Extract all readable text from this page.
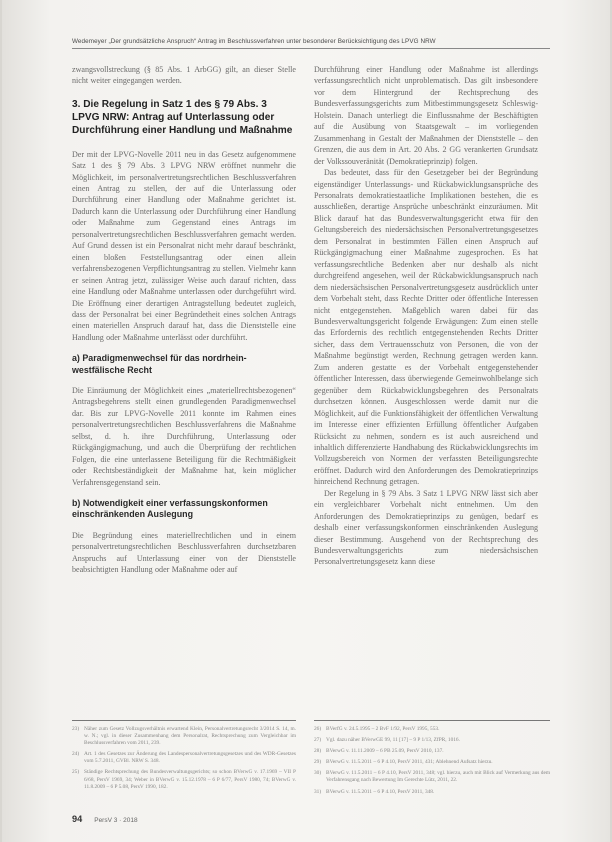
Wedemeyer „Der grundsätzliche Anspruch“ Antrag im Beschlussverfahren unter besonderer Berücksichtigung des LPVG NRW

zwangsvollstreckung (§ 85 Abs. 1 ArbGG) gilt, an dieser Stelle nicht weiter eingegangen werden.

3. Die Regelung in Satz 1 des § 79 Abs. 3 LPVG NRW: Antrag auf Unterlassung oder Durchführung einer Handlung und Maßnahme

Der mit der LPVG-Novelle 2011 neu in das Gesetz aufgenommene Satz 1 des § 79 Abs. 3 LPVG NRW eröffnet nunmehr die Möglichkeit, im personalvertretungsrechtlichen Beschlussverfahren einen Antrag zu stellen, der auf die Unterlassung oder Durchführung einer Handlung oder Maßnahme gerichtet ist. Dadurch kann die Unterlassung oder Durchführung einer Handlung oder Maßnahme zum Gegenstand eines Antrags im personalvertretungsrechtlichen Beschlussverfahren gemacht werden. Auf Grund dessen ist ein Personalrat nicht mehr darauf beschränkt, einen bloßen Feststellungsantrag oder einen allein verfahrensbezogenen Verpflichtungsantrag zu stellen. Vielmehr kann er seinen Antrag jetzt, zulässiger Weise auch darauf richten, dass eine Handlung oder Maßnahme unterlassen oder durchgeführt wird. Die Eröffnung einer derartigen Antragstellung bedeutet zugleich, dass der Personalrat bei einer Begründetheit eines solchen Antrags einen materiellen Anspruch darauf hat, dass die Dienststelle eine Handlung oder Maßnahme unterlässt oder durchführt.

a) Paradigmenwechsel für das nordrhein-westfälische Recht

Die Einräumung der Möglichkeit eines „materiellrechtsbezogenen“ Antragsbegehrens stellt einen grundlegenden Paradigmenwechsel dar. Bis zur LPVG-Novelle 2011 konnte im Rahmen eines personalvertretungsrechtlichen Beschlussverfahrens die Maßnahme selbst, d. h. ihre Durchführung, Unterlassung oder Rückgängigmachung, und auch die Überprüfung der rechtlichen Folgen, die eine unterlassene Beteiligung für die Rechtmäßigkeit oder Rechtsbeständigkeit der Maßnahme hat, kein möglicher Verfahrensgegenstand sein.

b) Notwendigkeit einer verfassungskonformen einschränkenden Auslegung

Die Begründung eines materiellrechtlichen und in einem personalvertretungsrechtlichen Beschlussverfahren durchsetzbaren Anspruchs auf Unterlassung einer von der Dienststelle beabsichtigten Handlung oder Maßnahme oder auf

Durchführung einer Handlung oder Maßnahme ist allerdings verfassungsrechtlich nicht unproblematisch. Das gilt insbesondere vor dem Hintergrund der Rechtsprechung des Bundesverfassungsgerichts zum Mitbestimmungsgesetz Schleswig-Holstein. Danach unterliegt die Einflussnahme der Beschäftigten auf die Ausübung von Staatsgewalt – im vorliegenden Zusammenhang in Gestalt der Maßnahmen der Dienststelle – den Grenzen, die aus dem in Art. 20 Abs. 2 GG verankerten Grundsatz der Volkssouveränität (Demokratieprinzip) folgen.

Das bedeutet, dass für den Gesetzgeber bei der Begründung eigenständiger Unterlassungs- und Rückabwicklungsansprüche des Personalrats demokratiestaatliche Implikationen bestehen, die es ausschließen, derartige Ansprüche unbeschränkt einzuräumen. Mit Blick darauf hat das Bundesverwaltungsgericht etwa für den Geltungsbereich des niedersächsischen Personalvertretungsgesetzes dem Personalrat in bestimmten Fällen einen Anspruch auf Rückgängigmachung einer Maßnahme zugesprochen. Es hat verfassungsrechtliche Bedenken aber nur deshalb als nicht durchgreifend angesehen, weil der Rückabwicklungsanspruch nach dem niedersächsischen Personalvertretungsgesetz ausdrücklich unter dem Vorbehalt steht, dass Rechte Dritter oder öffentliche Interessen nicht entgegenstehen. Maßgeblich waren dabei für das Bundesverwaltungsgericht folgende Erwägungen: Zum einen stelle das Erfordernis des rechtlich entgegenstehenden Rechts Dritter sicher, dass dem Vertrauensschutz von Personen, die von der Maßnahme begünstigt werden, Rechnung getragen werden kann. Zum anderen gestatte es der Vorbehalt entgegenstehender öffentlicher Interessen, dass überwiegende Gemeinwohlbelange sich gegenüber dem Rückabwicklungsbegehren des Personalrats durchsetzen können. Ausgeschlossen werde damit nur die Möglichkeit, auf die Funktionsfähigkeit der öffentlichen Verwaltung im Interesse einer effizienten Erfüllung öffentlicher Aufgaben Rücksicht zu nehmen, sondern es ist auch ausreichend und inhaltlich differenzierte Handhabung des Rückabwicklungsrechts im Vollzugsbereich von Normen der verfassten Beteiligungsrechte eröffnet. Dadurch wird den Anforderungen des Demokratieprinzips hinreichend Rechnung getragen.

Der Regelung in § 79 Abs. 3 Satz 1 LPVG NRW lässt sich aber ein vergleichbarer Vorbehalt nicht entnehmen. Um den Anforderungen des Demokratieprinzips zu genügen, bedarf es deshalb einer verfassungskonformen einschränkenden Auslegung dieser Bestimmung. Ausgehend von der Rechtsprechung des Bundesverwaltungsgerichts zum niedersächsischen Personalvertretungsgesetz kann diese

23) Näher zum Gesetz Vollzugsverhältnis erwartend Klein, Personalvertretungsrecht 3/2014 S. 14, m. w. N.; vgl. in dieser Zusammenhang dem Personalrat, Rechtsprechung zum Vergleichbar im Beschlussverfahren vom 2011, 239.
24) Art. 1 des Gesetzes zur Änderung des Landespersonalvertretungsgesetzes und des WDR-Gesetzes vom 5.7.2011, GVBl. NRW S. 348.
25) Ständige Rechtsprechung des Bundesverwaltungsgerichts; so schon BVerwG v. 17.1969 – VII P 6/68, PersV 1969, 34; Weber in BVerwG v. 15.12.1978 – 6 P 6/77, PersV 1980, 74; BVerwG v. 11.8.2009 – 6 P 5.08, PersV 1990, 182.
26) BVerfG v. 24.5.1995 – 2 BvF 1/92, PersV 1995, 553.
27) Vgl. dazu näher BVerwGE 99, 11 [17] – 9 P 1/13, ZfPR, 1016.
28) BVerwG v. 11.11.2009 – 6 PB 25.09, PersV 2010, 137.
29) BVerwG v. 11.5.2011 – 6 P 4.10, PersV 2011, 431; Ablehnend Aufsatz hierzu.
30) BVerwG v. 11.5.2011 – 6 P 4.10, PersV 2011, 348; vgl. hierzu, auch mit Blick auf Vermerkung aus dem Verfahrensgang nach Bewertung Im Gerechte Lütz, 2011, 22.
31) BVerwG v. 11.5.2011 – 6 P 4.10, PersV 2011, 348.
94 PersV 3 · 2018
